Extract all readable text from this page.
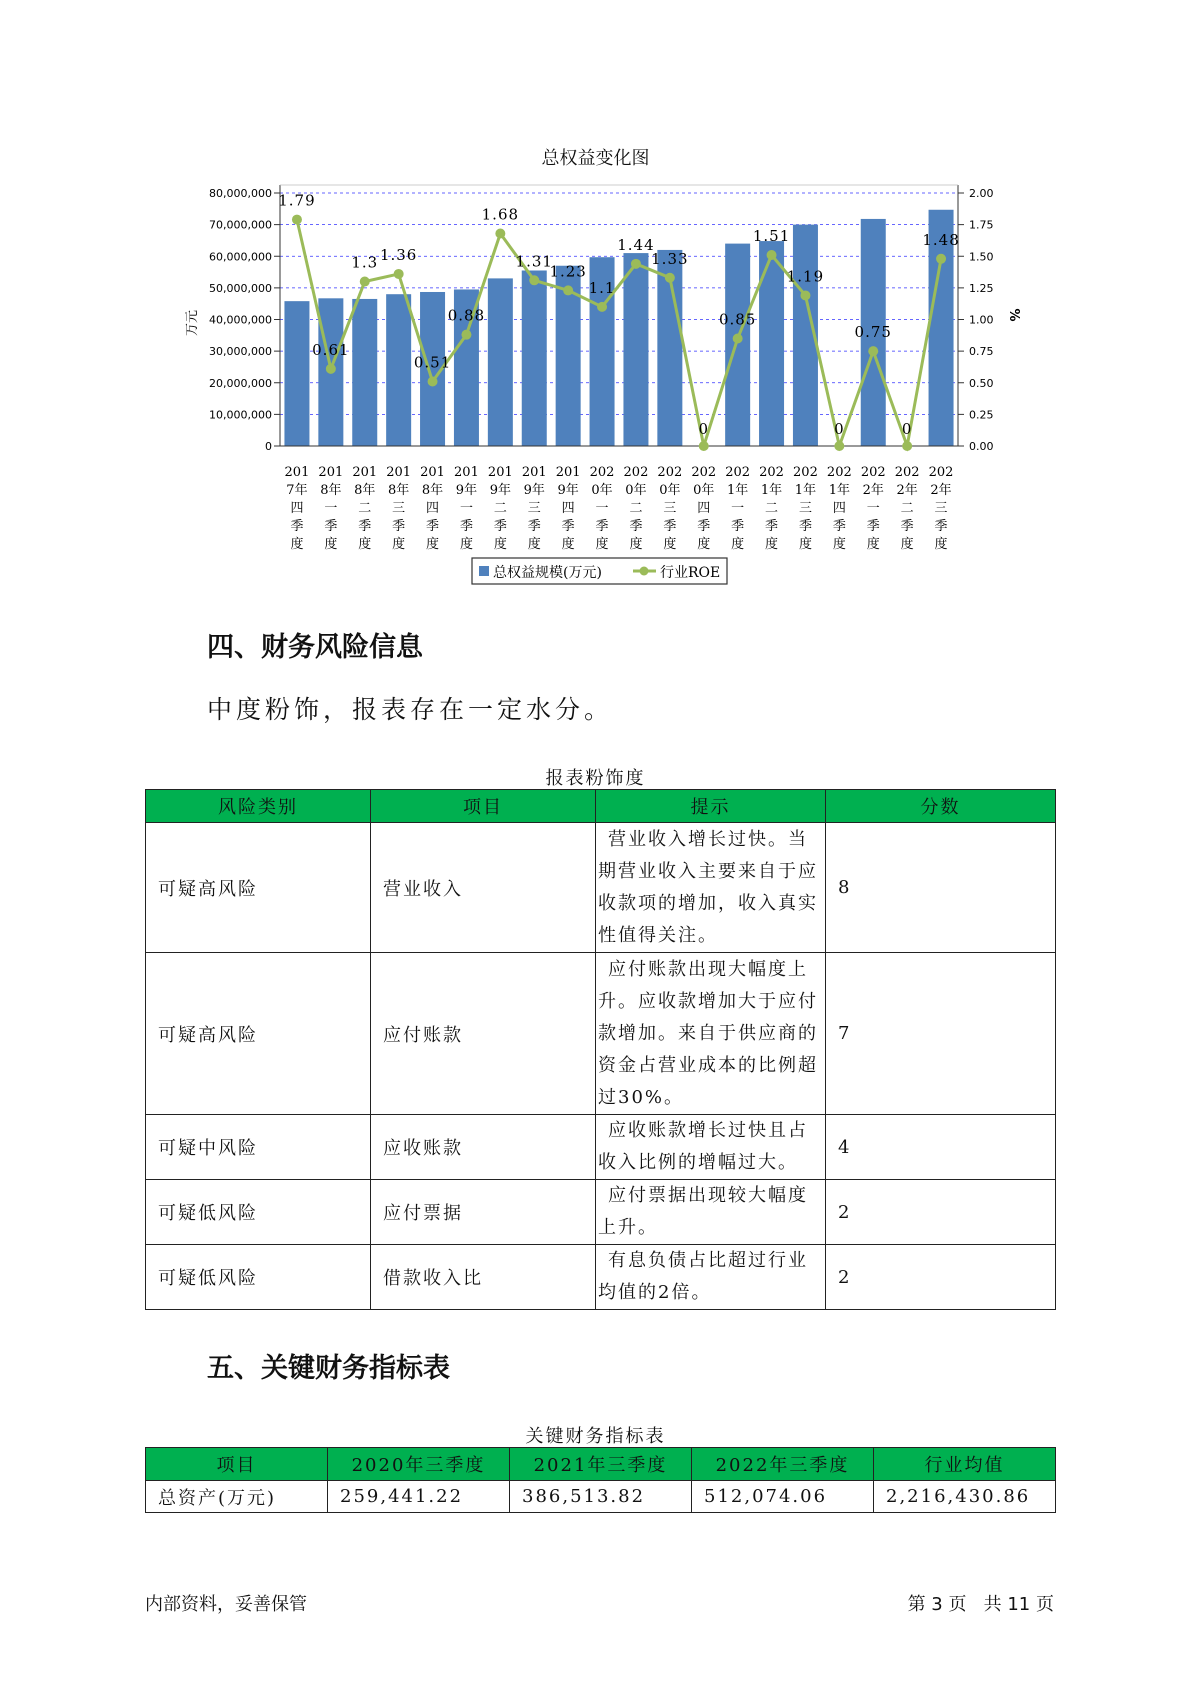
总权益变化图
0
10,000,000
20,000,000
30,000,000
40,000,000
50,000,000
60,000,000
70,000,000
80,000,000
0.00
0.25
0.50
0.75
1.00
1.25
1.50
1.75
2.00
万元	%
201
7年
四
季
度
201
8年
一
季
度
201
8年
二
季
度
201
8年
三
季
度
201
8年
四
季
度
201
9年
一
季
度
201
9年
二
季
度
201
9年
三
季
度
201
9年
四
季
度
202
0年
一
季
度
202
0年
二
季
度
202
0年
三
季
度
202
0年
四
季
度
202
1年
一
季
度
202
1年
二
季
度
202
1年
三
季
度
202
1年
四
季
度
202
2年
一
季
度
202
2年
二
季
度
202
2年
三
季
度
1.79
0.61
1.3 1.36
0.51
0.88
1.68
1.31
1.23
1.1
1.44
1.33
0
0.85
1.51
1.19
0
0.75
0
1.48
总权益规模(万元)	行业ROE
四、财务风险信息
中度粉饰，报表存在一定水分。
报表粉饰度
风险类别	项目	提示	分数
可疑高风险	营业收入	营业收入增长过快。当期营业收入主要来自于应收款项的增加，收入真实性值得关注。	8
可疑高风险	应付账款	应付账款出现大幅度上升。应收款增加大于应付款增加。来自于供应商的资金占营业成本的比例超过30%。	7
可疑中风险	应收账款	应收账款增长过快且占收入比例的增幅过大。	4
可疑低风险	应付票据	应付票据出现较大幅度上升。	2
可疑低风险	借款收入比	有息负债占比超过行业均值的2倍。	2
五、关键财务指标表
关键财务指标表
项目	2020年三季度	2021年三季度	2022年三季度	行业均值
总资产(万元)	259,441.22	386,513.82	512,074.06	2,216,430.86
内部资料，妥善保管	第 3 页   共 11 页
